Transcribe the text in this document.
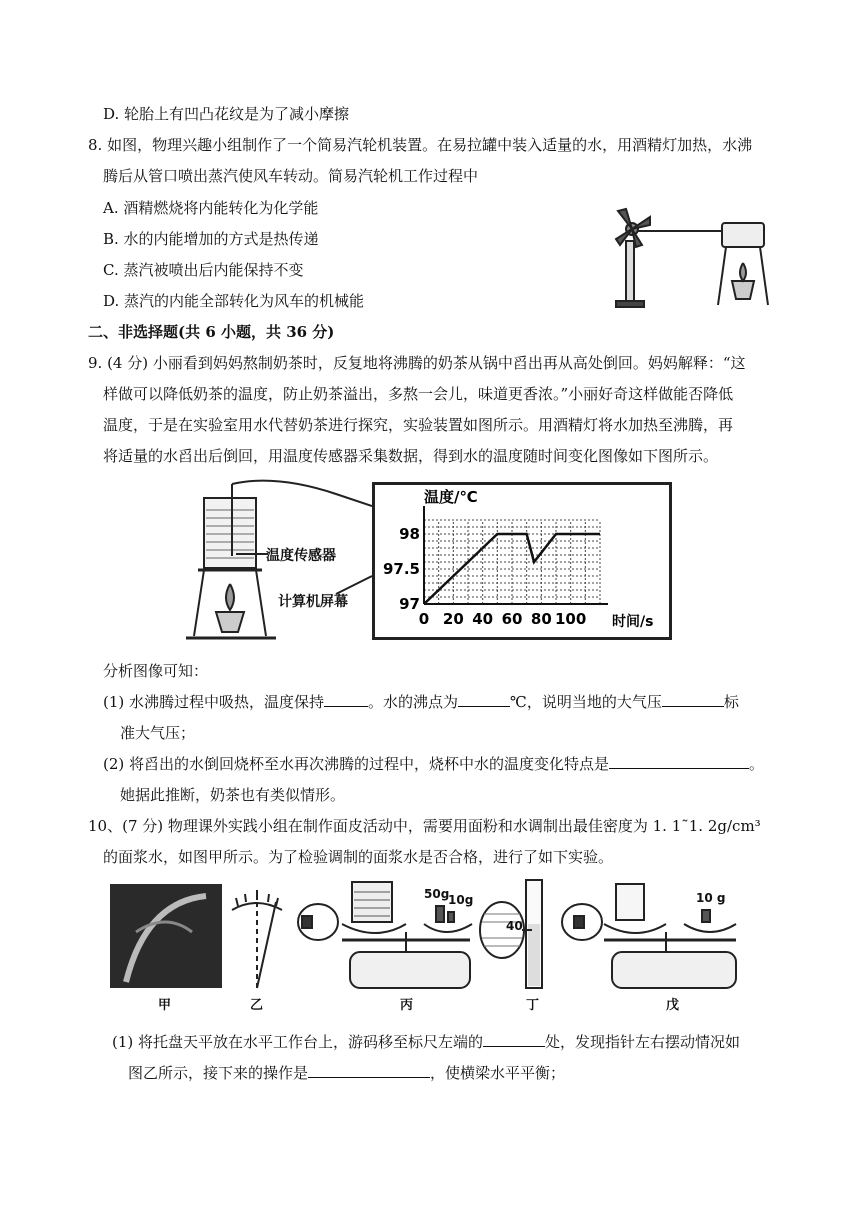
D. 轮胎上有凹凸花纹是为了减小摩擦
8. 如图，物理兴趣小组制作了一个简易汽轮机装置。在易拉罐中装入适量的水，用酒精灯加热，水沸
腾后从管口喷出蒸汽使风车转动。简易汽轮机工作过程中
A. 酒精燃烧将内能转化为化学能
B. 水的内能增加的方式是热传递
C. 蒸汽被喷出后内能保持不变
D. 蒸汽的内能全部转化为风车的机械能
二、非选择题(共 6 小题，共 36 分)
9. (4 分) 小丽看到妈妈熬制奶茶时，反复地将沸腾的奶茶从锅中舀出再从高处倒回。妈妈解释：“这
样做可以降低奶茶的温度，防止奶茶溢出，多熬一会儿，味道更香浓。”小丽好奇这样做能否降低
温度，于是在实验室用水代替奶茶进行探究，实验装置如图所示。用酒精灯将水加热至沸腾，再
将适量的水舀出后倒回，用温度传感器采集数据，得到水的温度随时间变化图像如下图所示。
温度传感器
计算机屏幕
0 20 40 60 80 100
97
97.5
98
温度/℃
时间/s
分析图像可知：
(1) 水沸腾过程中吸热，温度保持	。水的沸点为	℃，说明当地的大气压	标
准大气压；
(2) 将舀出的水倒回烧杯至水再次沸腾的过程中，烧杯中水的温度变化特点是	。
她据此推断，奶茶也有类似情形。
10、(7 分) 物理课外实践小组在制作面皮活动中，需要用面粉和水调制出最佳密度为 1. 1˜1. 2g/cm³
的面浆水，如图甲所示。为了检验调制的面浆水是否合格，进行了如下实验。
50g
10g	10 g
40
2
甲	乙	丙	丁	戊
(1) 将托盘天平放在水平工作台上，游码移至标尺左端的	处，发现指针左右摆动情况如
图乙所示，接下来的操作是	，使横梁水平平衡；
